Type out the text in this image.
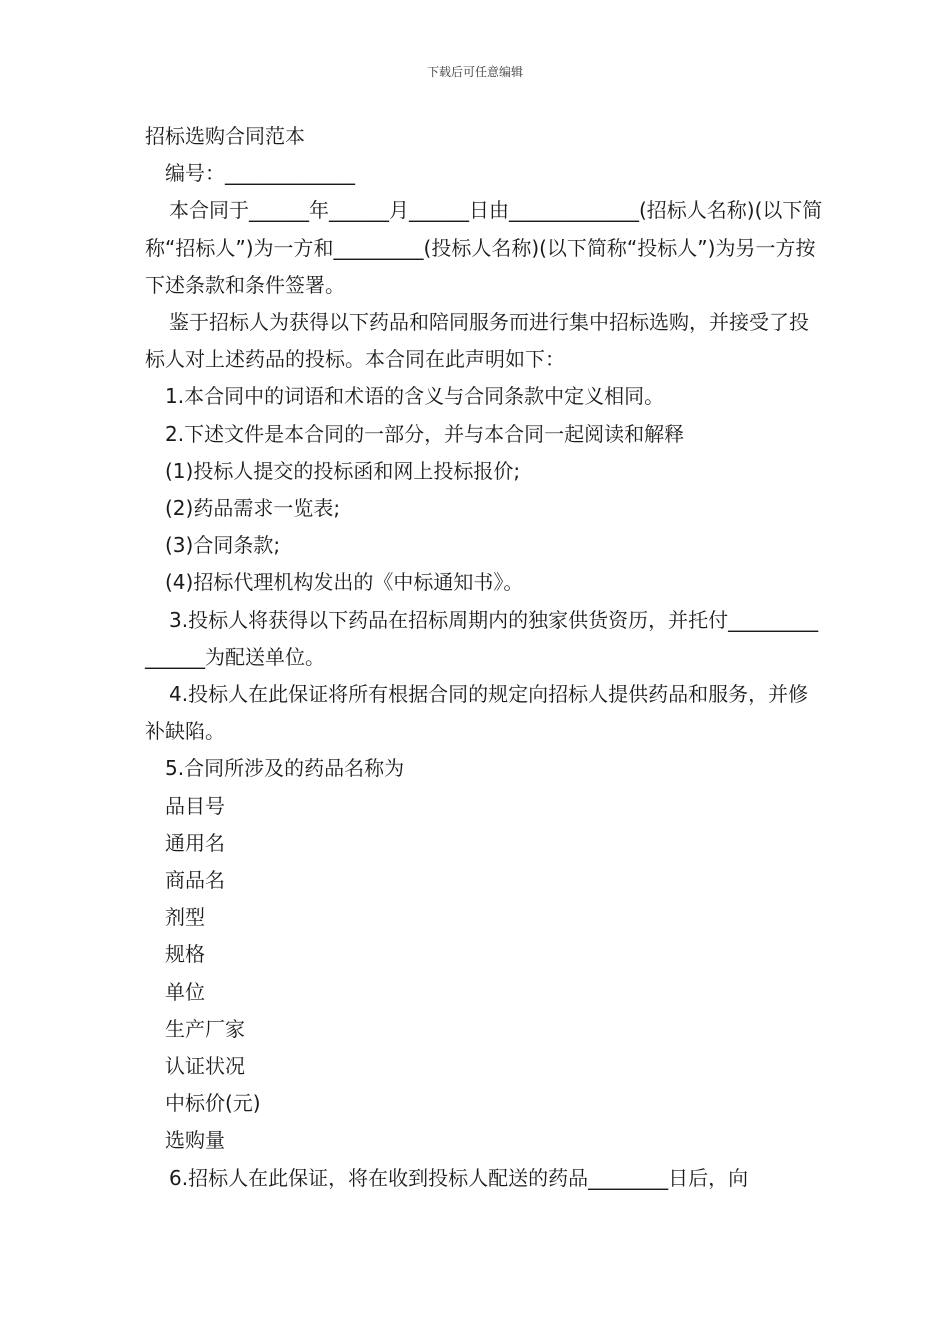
下载后可任意编辑

招标选购合同范本

编号：_____________

本合同于______年______月______日由_____________(招标人名称)(以下简称“招标人”)为一方和_________(投标人名称)(以下简称“投标人”)为另一方按下述条款和条件签署。

鉴于招标人为获得以下药品和陪同服务而进行集中招标选购，并接受了投标人对上述药品的投标。本合同在此声明如下：

1.本合同中的词语和术语的含义与合同条款中定义相同。

2.下述文件是本合同的一部分，并与本合同一起阅读和解释

(1)投标人提交的投标函和网上投标报价;

(2)药品需求一览表;

(3)合同条款;

(4)招标代理机构发出的《中标通知书》。

3.投标人将获得以下药品在招标周期内的独家供货资历，并托付_______________为配送单位。

4.投标人在此保证将所有根据合同的规定向招标人提供药品和服务，并修补缺陷。

5.合同所涉及的药品名称为

品目号

通用名

商品名

剂型

规格

单位

生产厂家

认证状况

中标价(元)

选购量

6.招标人在此保证，将在收到投标人配送的药品________日后，向
